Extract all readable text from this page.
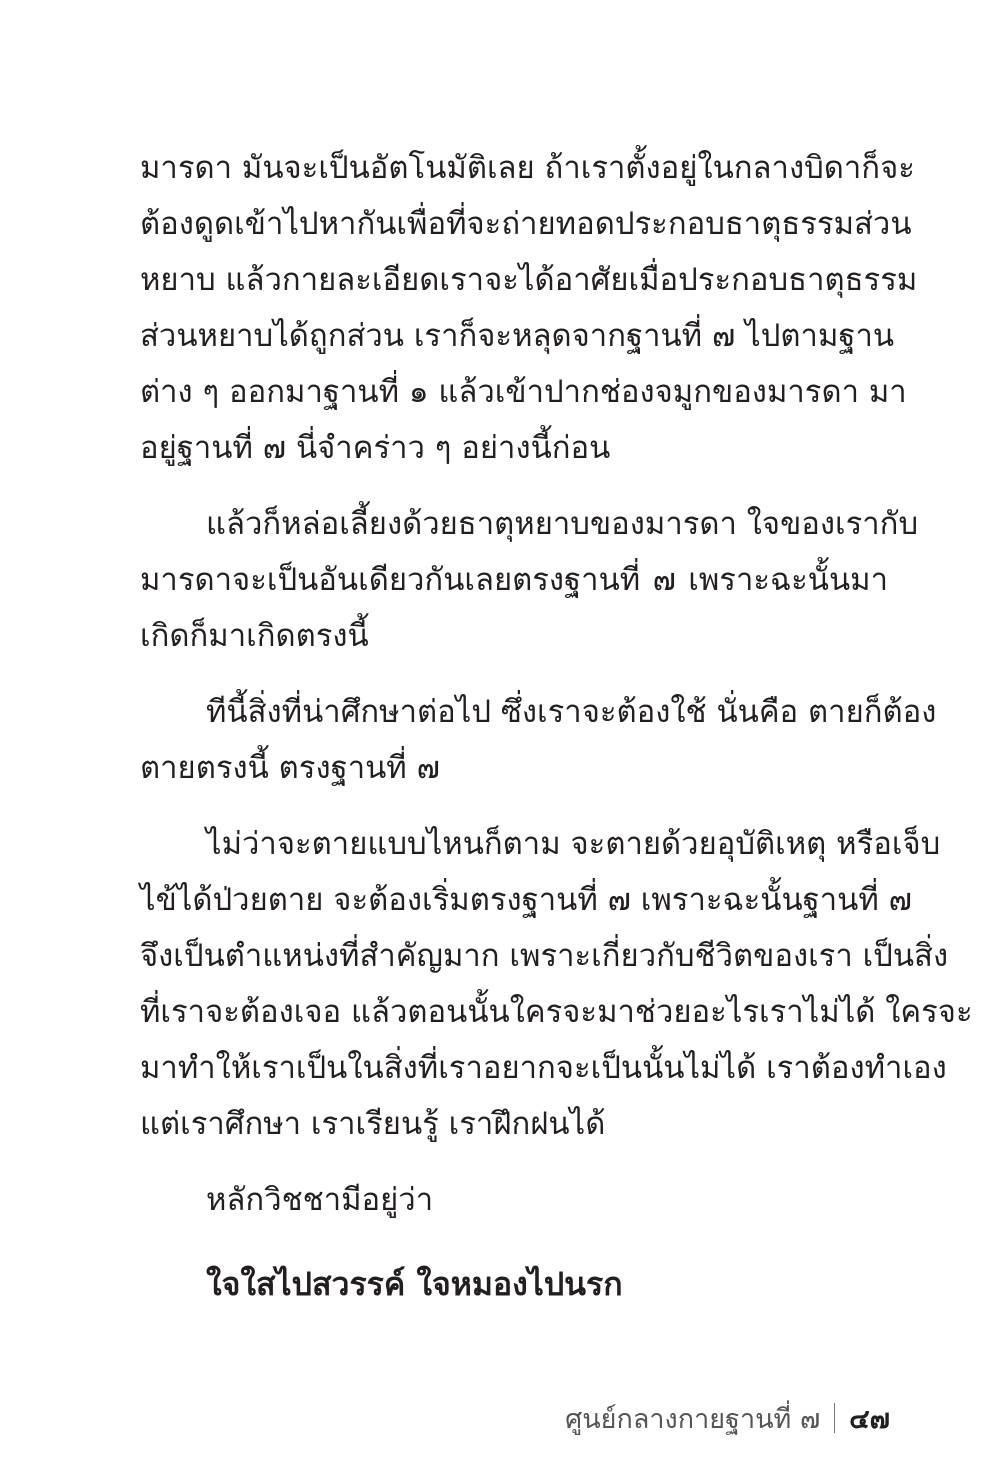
มารดา มันจะเป็นอัตโนมัติเลย ถ้าเราตั้งอยู่ในกลางบิดาก็จะ
ต้องดูดเข้าไปหากันเพื่อที่จะถ่ายทอดประกอบธาตุธรรมส่วน
หยาบ แล้วกายละเอียดเราจะได้อาศัยเมื่อประกอบธาตุธรรม
ส่วนหยาบได้ถูกส่วน เราก็จะหลุดจากฐานที่ ๗ ไปตามฐาน
ต่าง ๆ ออกมาฐานที่ ๑ แล้วเข้าปากช่องจมูกของมารดา มา
อยู่ฐานที่ ๗ นี่จำคร่าว ๆ อย่างนี้ก่อน
แล้วก็หล่อเลี้ยงด้วยธาตุหยาบของมารดา ใจของเรากับ
มารดาจะเป็นอันเดียวกันเลยตรงฐานที่ ๗ เพราะฉะนั้นมา
เกิดก็มาเกิดตรงนี้
ทีนี้สิ่งที่น่าศึกษาต่อไป ซึ่งเราจะต้องใช้ นั่นคือ ตายก็ต้อง
ตายตรงนี้ ตรงฐานที่ ๗
ไม่ว่าจะตายแบบไหนก็ตาม จะตายด้วยอุบัติเหตุ หรือเจ็บ
ไข้ได้ป่วยตาย จะต้องเริ่มตรงฐานที่ ๗ เพราะฉะนั้นฐานที่ ๗
จึงเป็นตำแหน่งที่สำคัญมาก เพราะเกี่ยวกับชีวิตของเรา เป็นสิ่ง
ที่เราจะต้องเจอ แล้วตอนนั้นใครจะมาช่วยอะไรเราไม่ได้ ใครจะ
มาทำให้เราเป็นในสิ่งที่เราอยากจะเป็นนั้นไม่ได้ เราต้องทำเอง
แต่เราศึกษา เราเรียนรู้ เราฝึกฝนได้
หลักวิชชามีอยู่ว่า
ใจใสไปสวรรค์ ใจหมองไปนรก
ศูนย์กลางกายฐานที่ ๗ ๔๗
